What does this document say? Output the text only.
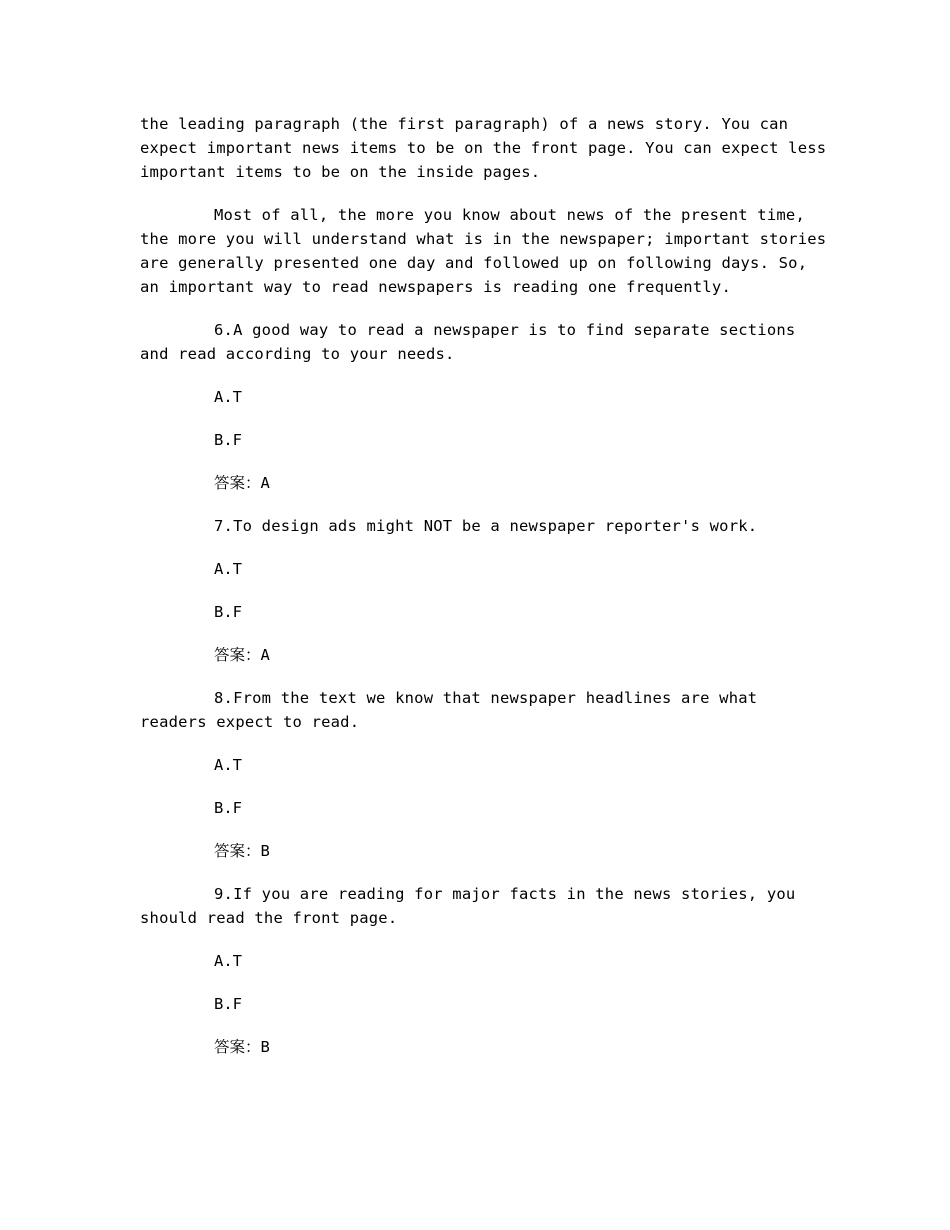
the leading paragraph (the first paragraph) of a news story. You can
expect important news items to be on the front page. You can expect less
important items to be on the inside pages.
Most of all, the more you know about news of the present time,
the more you will understand what is in the newspaper; important stories
are generally presented one day and followed up on following days. So,
an important way to read newspapers is reading one frequently.
6.A good way to read a newspaper is to find separate sections
and read according to your needs.
A.T
B.F
答案：A
7.To design ads might NOT be a newspaper reporter's work.
A.T
B.F
答案：A
8.From the text we know that newspaper headlines are what
readers expect to read.
A.T
B.F
答案：B
9.If you are reading for major facts in the news stories, you
should read the front page.
A.T
B.F
答案：B
